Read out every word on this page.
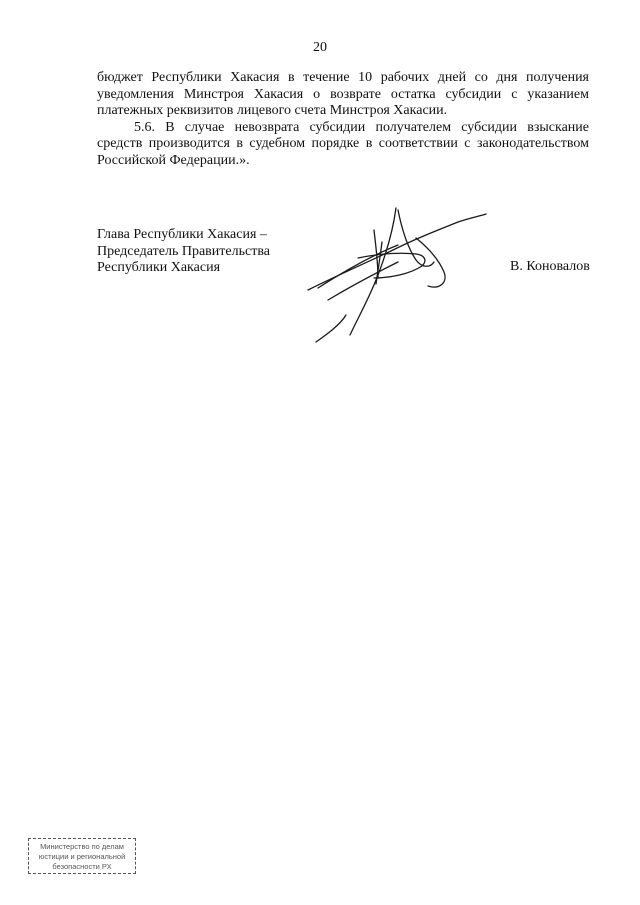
20

бюджет Республики Хакасия в течение 10 рабочих дней со дня получения уведомления Минстроя Хакасия о возврате остатка субсидии с указанием платежных реквизитов лицевого счета Минстроя Хакасии.

5.6. В случае невозврата субсидии получателем субсидии взыскание средств производится в судебном порядке в соответствии с законодательством Российской Федерации.».

Глава Республики Хакасия –
Председатель Правительства
Республики Хакасия	В. Коновалов
Министерство по делам
юстиции и региональной
безопасности РХ
